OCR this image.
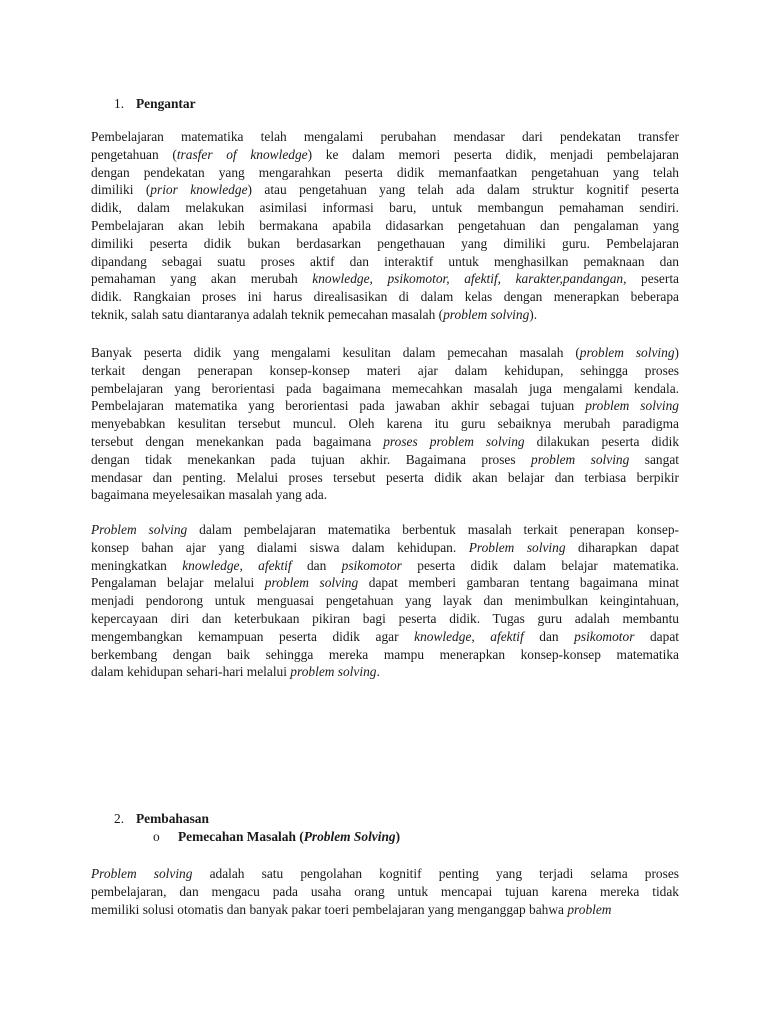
1. Pengantar
Pembelajaran matematika telah mengalami perubahan mendasar dari pendekatan transfer
pengetahuan (trasfer of knowledge) ke dalam memori peserta didik, menjadi pembelajaran
dengan pendekatan yang mengarahkan peserta didik memanfaatkan pengetahuan yang telah
dimiliki (prior knowledge) atau pengetahuan yang telah ada dalam struktur kognitif peserta
didik, dalam melakukan asimilasi informasi baru, untuk membangun pemahaman sendiri.
Pembelajaran akan lebih bermakana apabila didasarkan pengetahuan dan pengalaman yang
dimiliki peserta didik bukan berdasarkan pengethauan yang dimiliki guru. Pembelajaran
dipandang sebagai suatu proses aktif dan interaktif untuk menghasilkan pemaknaan dan
pemahaman yang akan merubah knowledge, psikomotor, afektif, karakter,pandangan, peserta
didik. Rangkaian proses ini harus direalisasikan di dalam kelas dengan menerapkan beberapa
teknik, salah satu diantaranya adalah teknik pemecahan masalah (problem solving).
Banyak peserta didik yang mengalami kesulitan dalam pemecahan masalah (problem solving)
terkait dengan penerapan konsep-konsep materi ajar dalam kehidupan, sehingga proses
pembelajaran yang berorientasi pada bagaimana memecahkan masalah juga mengalami kendala.
Pembelajaran matematika yang berorientasi pada jawaban akhir sebagai tujuan problem solving
menyebabkan kesulitan tersebut muncul. Oleh karena itu guru sebaiknya merubah paradigma
tersebut dengan menekankan pada bagaimana proses problem solving dilakukan peserta didik
dengan tidak menekankan pada tujuan akhir. Bagaimana proses problem solving sangat
mendasar dan penting. Melalui proses tersebut peserta didik akan belajar dan terbiasa berpikir
bagaimana meyelesaikan masalah yang ada.
Problem solving dalam pembelajaran matematika berbentuk masalah terkait penerapan konsep-
konsep bahan ajar yang dialami siswa dalam kehidupan. Problem solving diharapkan dapat
meningkatkan knowledge, afektif dan psikomotor peserta didik dalam belajar matematika.
Pengalaman belajar melalui problem solving dapat memberi gambaran tentang bagaimana minat
menjadi pendorong untuk menguasai pengetahuan yang layak dan menimbulkan keingintahuan,
kepercayaan diri dan keterbukaan pikiran bagi peserta didik. Tugas guru adalah membantu
mengembangkan kemampuan peserta didik agar knowledge, afektif dan psikomotor dapat
berkembang dengan baik sehingga mereka mampu menerapkan konsep-konsep matematika
dalam kehidupan sehari-hari melalui problem solving.
2. Pembahasan
o Pemecahan Masalah (Problem Solving)
Problem solving adalah satu pengolahan kognitif penting yang terjadi selama proses
pembelajaran, dan mengacu pada usaha orang untuk mencapai tujuan karena mereka tidak
memiliki solusi otomatis dan banyak pakar toeri pembelajaran yang menganggap bahwa problem
